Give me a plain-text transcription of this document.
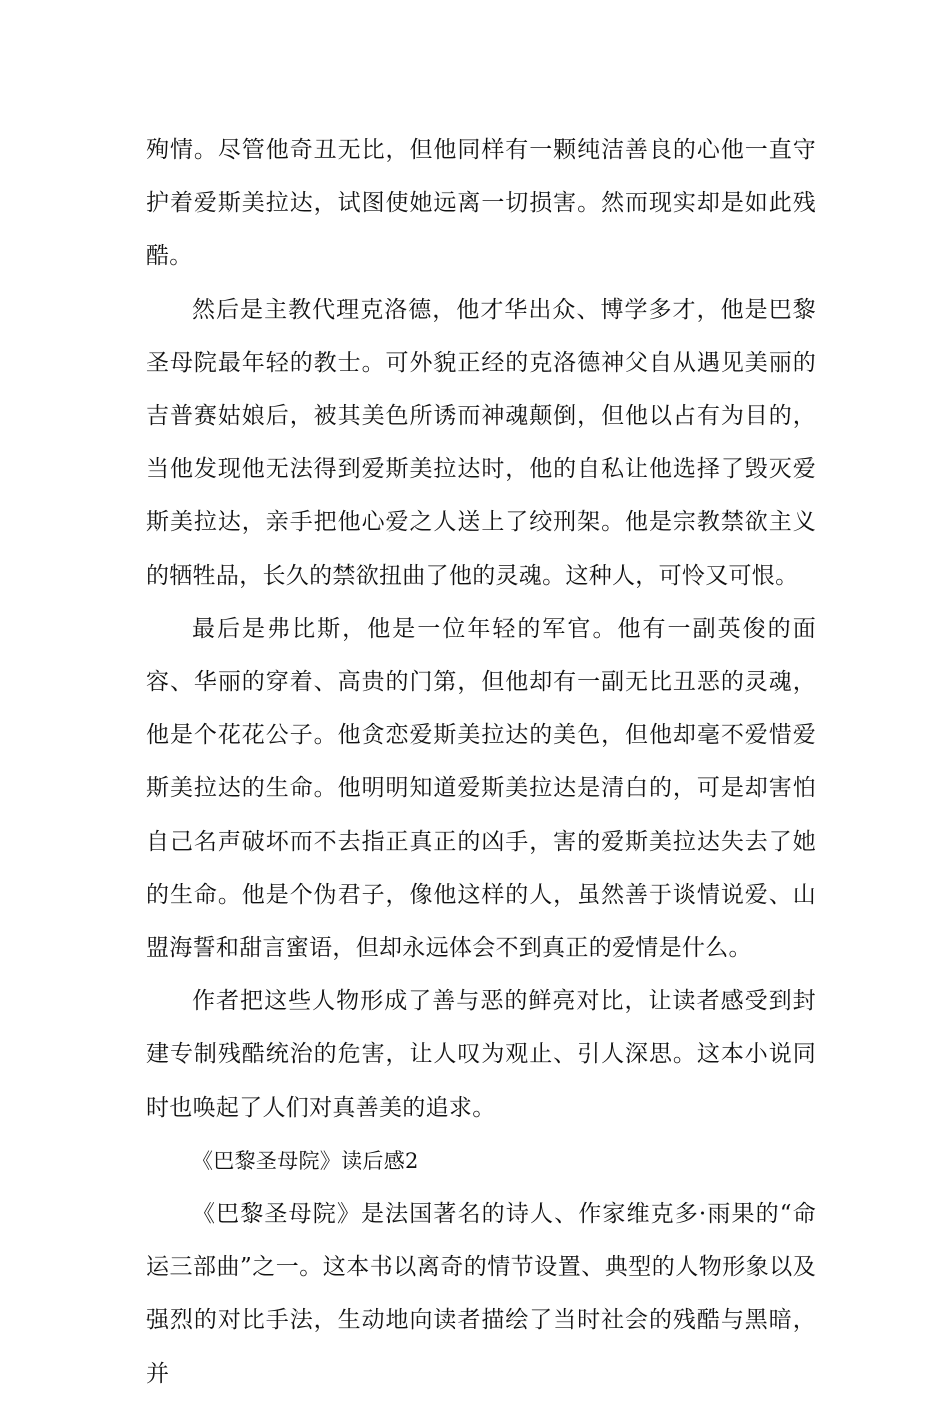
殉情。尽管他奇丑无比，但他同样有一颗纯洁善良的心他一直守护着爱斯美拉达，试图使她远离一切损害。然而现实却是如此残酷。

然后是主教代理克洛德，他才华出众、博学多才，他是巴黎圣母院最年轻的教士。可外貌正经的克洛德神父自从遇见美丽的吉普赛姑娘后，被其美色所诱而神魂颠倒，但他以占有为目的，当他发现他无法得到爱斯美拉达时，他的自私让他选择了毁灭爱斯美拉达，亲手把他心爱之人送上了绞刑架。他是宗教禁欲主义的牺牲品，长久的禁欲扭曲了他的灵魂。这种人，可怜又可恨。

最后是弗比斯，他是一位年轻的军官。他有一副英俊的面容、华丽的穿着、高贵的门第，但他却有一副无比丑恶的灵魂，他是个花花公子。他贪恋爱斯美拉达的美色，但他却毫不爱惜爱斯美拉达的生命。他明明知道爱斯美拉达是清白的，可是却害怕自己名声破坏而不去指正真正的凶手，害的爱斯美拉达失去了她的生命。他是个伪君子，像他这样的人，虽然善于谈情说爱、山盟海誓和甜言蜜语，但却永远体会不到真正的爱情是什么。

作者把这些人物形成了善与恶的鲜亮对比，让读者感受到封建专制残酷统治的危害，让人叹为观止、引人深思。这本小说同时也唤起了人们对真善美的追求。

《巴黎圣母院》读后感2

《巴黎圣母院》是法国著名的诗人、作家维克多·雨果的“命运三部曲”之一。这本书以离奇的情节设置、典型的人物形象以及强烈的对比手法，生动地向读者描绘了当时社会的残酷与黑暗，并
